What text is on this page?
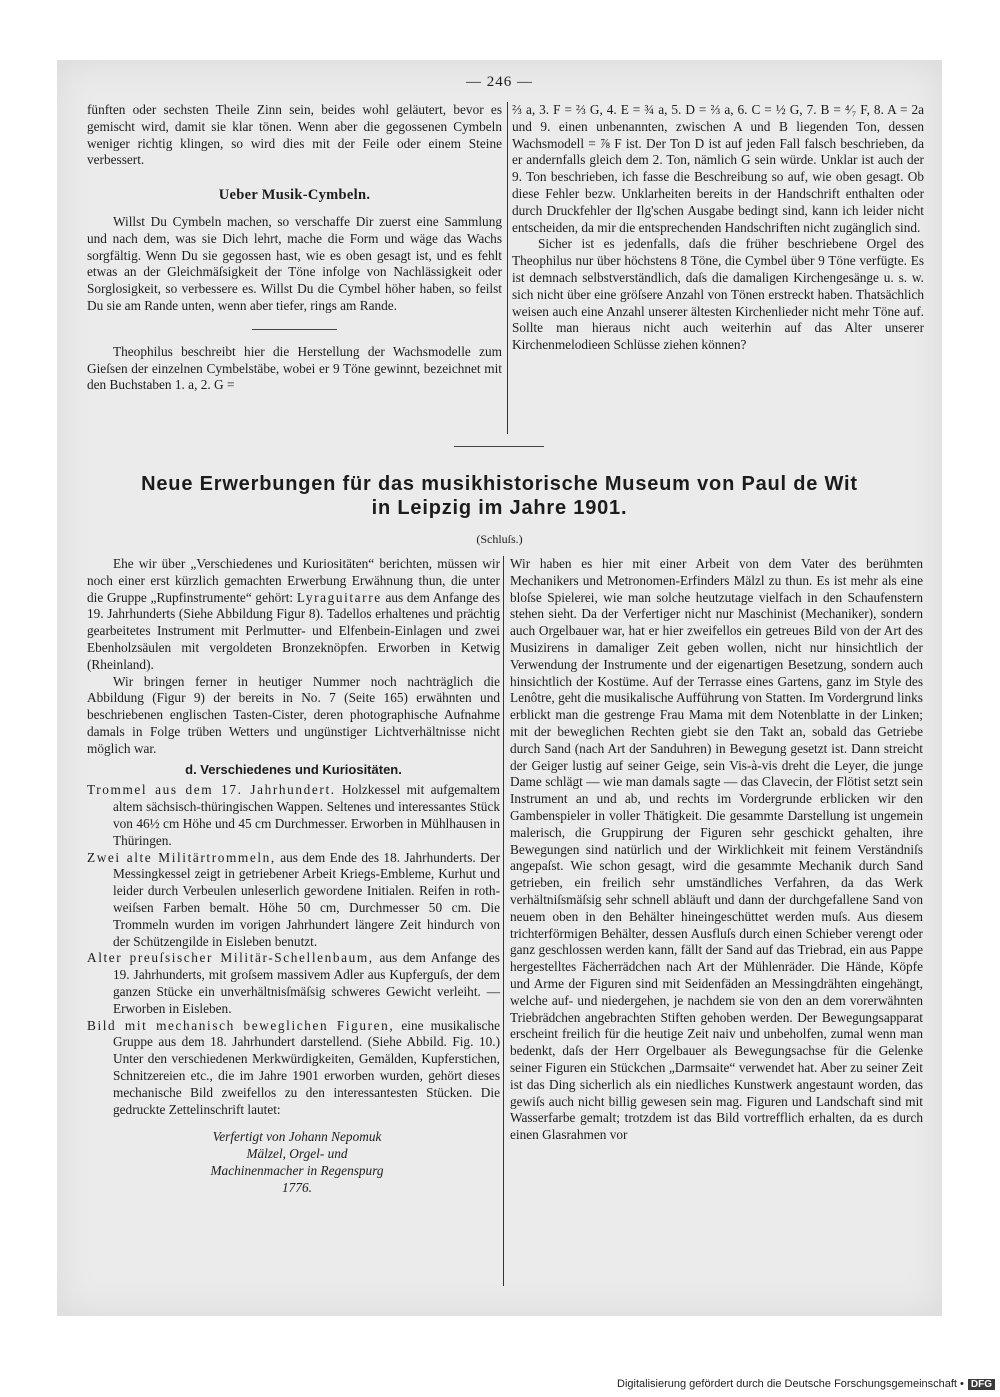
— 246 —

fünften oder sechsten Theile Zinn sein, beides wohl geläutert, bevor es gemischt wird, damit sie klar tönen. Wenn aber die gegossenen Cymbeln weniger richtig klingen, so wird dies mit der Feile oder einem Steine verbessert.

Ueber Musik-Cymbeln.

Willst Du Cymbeln machen, so verschaffe Dir zuerst eine Sammlung und nach dem, was sie Dich lehrt, mache die Form und wäge das Wachs sorgfältig. Wenn Du sie gegossen hast, wie es oben gesagt ist, und es fehlt etwas an der Gleichmäſsigkeit der Töne infolge von Nachlässigkeit oder Sorglosigkeit, so verbessere es. Willst Du die Cymbel höher haben, so feilst Du sie am Rande unten, wenn aber tiefer, rings am Rande.

Theophilus beschreibt hier die Herstellung der Wachsmodelle zum Gieſsen der einzelnen Cymbelstäbe, wobei er 9 Töne gewinnt, bezeichnet mit den Buchstaben 1. a, 2. G =

⅔ a, 3. F = ⅔ G, 4. E = ¾ a, 5. D = ⅔ a, 6. C = ½ G, 7. B = ⁴⁄₇ F, 8. A = 2a und 9. einen unbenannten, zwischen A und B liegenden Ton, dessen Wachsmodell = ⅞ F ist. Der Ton D ist auf jeden Fall falsch beschrieben, da er andernfalls gleich dem 2. Ton, nämlich G sein würde. Unklar ist auch der 9. Ton beschrieben, ich fasse die Beschreibung so auf, wie oben gesagt. Ob diese Fehler bezw. Unklarheiten bereits in der Handschrift enthalten oder durch Druckfehler der Ilg'schen Ausgabe bedingt sind, kann ich leider nicht entscheiden, da mir die entsprechenden Handschriften nicht zugänglich sind.

Sicher ist es jedenfalls, daſs die früher beschriebene Orgel des Theophilus nur über höchstens 8 Töne, die Cymbel über 9 Töne verfügte. Es ist demnach selbstverständlich, daſs die damaligen Kirchengesänge u. s. w. sich nicht über eine gröſsere Anzahl von Tönen erstreckt haben. Thatsächlich weisen auch eine Anzahl unserer ältesten Kirchenlieder nicht mehr Töne auf. Sollte man hieraus nicht auch weiterhin auf das Alter unserer Kirchenmelodieen Schlüsse ziehen können?

Neue Erwerbungen für das musikhistorische Museum von Paul de Wit
in Leipzig im Jahre 1901.
(Schluſs.)

Ehe wir über „Verschiedenes und Kuriositäten“ berichten, müssen wir noch einer erst kürzlich gemachten Erwerbung Erwähnung thun, die unter die Gruppe „Rupfinstrumente“ gehört: Lyraguitarre aus dem Anfange des 19. Jahrhunderts (Siehe Abbildung Figur 8). Tadellos erhaltenes und prächtig gearbeitetes Instrument mit Perlmutter- und Elfenbein-Einlagen und zwei Ebenholzsäulen mit vergoldeten Bronzeknöpfen. Erworben in Ketwig (Rheinland).

Wir bringen ferner in heutiger Nummer noch nachträglich die Abbildung (Figur 9) der bereits in No. 7 (Seite 165) erwähnten und beschriebenen englischen Tasten-Cister, deren photographische Aufnahme damals in Folge trüben Wetters und ungünstiger Lichtverhältnisse nicht möglich war.

d. Verschiedenes und Kuriositäten.

Trommel aus dem 17. Jahrhundert. Holzkessel mit aufgemaltem altem sächsisch-thüringischen Wappen. Seltenes und interessantes Stück von 46½ cm Höhe und 45 cm Durchmesser. Erworben in Mühlhausen in Thüringen.

Zwei alte Militärtrommeln, aus dem Ende des 18. Jahrhunderts. Der Messingkessel zeigt in getriebener Arbeit Kriegs-Embleme, Kurhut und leider durch Verbeulen unleserlich gewordene Initialen. Reifen in roth-weiſsen Farben bemalt. Höhe 50 cm, Durchmesser 50 cm. Die Trommeln wurden im vorigen Jahrhundert längere Zeit hindurch von der Schützengilde in Eisleben benutzt.

Alter preuſsischer Militär-Schellenbaum, aus dem Anfange des 19. Jahrhunderts, mit groſsem massivem Adler aus Kupferguſs, der dem ganzen Stücke ein unverhältnisſmäſsig schweres Gewicht verleiht. — Erworben in Eisleben.

Bild mit mechanisch beweglichen Figuren, eine musikalische Gruppe aus dem 18. Jahrhundert darstellend. (Siehe Abbild. Fig. 10.) Unter den verschiedenen Merkwürdigkeiten, Gemälden, Kupferstichen, Schnitzereien etc., die im Jahre 1901 erworben wurden, gehört dieses mechanische Bild zweifellos zu den interessantesten Stücken. Die gedruckte Zettelinschrift lautet:

Verfertigt von Johann Nepomuk Mälzel, Orgel- und Machinenmacher in Regenspurg 1776.

Wir haben es hier mit einer Arbeit von dem Vater des berühmten Mechanikers und Metronomen-Erfinders Mälzl zu thun. Es ist mehr als eine bloſse Spielerei, wie man solche heutzutage vielfach in den Schaufenstern stehen sieht. Da der Verfertiger nicht nur Maschinist (Mechaniker), sondern auch Orgelbauer war, hat er hier zweifellos ein getreues Bild von der Art des Musizirens in damaliger Zeit geben wollen, nicht nur hinsichtlich der Verwendung der Instrumente und der eigenartigen Besetzung, sondern auch hinsichtlich der Kostüme. Auf der Terrasse eines Gartens, ganz im Style des Lenôtre, geht die musikalische Aufführung von Statten. Im Vordergrund links erblickt man die gestrenge Frau Mama mit dem Notenblatte in der Linken; mit der beweglichen Rechten giebt sie den Takt an, sobald das Getriebe durch Sand (nach Art der Sanduhren) in Bewegung gesetzt ist. Dann streicht der Geiger lustig auf seiner Geige, sein Vis-à-vis dreht die Leyer, die junge Dame schlägt — wie man damals sagte — das Clavecin, der Flötist setzt sein Instrument an und ab, und rechts im Vordergrunde erblicken wir den Gambenspieler in voller Thätigkeit. Die gesammte Darstellung ist ungemein malerisch, die Gruppirung der Figuren sehr geschickt gehalten, ihre Bewegungen sind natürlich und der Wirklichkeit mit feinem Verständniſs angepaſst. Wie schon gesagt, wird die gesammte Mechanik durch Sand getrieben, ein freilich sehr umständliches Verfahren, da das Werk verhältniſsmäſsig sehr schnell abläuft und dann der durchgefallene Sand von neuem oben in den Behälter hineingeschüttet werden muſs. Aus diesem trichterförmigen Behälter, dessen Ausfluſs durch einen Schieber verengt oder ganz geschlossen werden kann, fällt der Sand auf das Triebrad, ein aus Pappe hergestelltes Fächerrädchen nach Art der Mühlenräder. Die Hände, Köpfe und Arme der Figuren sind mit Seidenfäden an Messingdrähten eingehängt, welche auf- und niedergehen, je nachdem sie von den an dem vorerwähnten Triebrädchen angebrachten Stiften gehoben werden. Der Bewegungsapparat erscheint freilich für die heutige Zeit naiv und unbeholfen, zumal wenn man bedenkt, daſs der Herr Orgelbauer als Bewegungsachse für die Gelenke seiner Figuren ein Stückchen „Darmsaite“ verwendet hat. Aber zu seiner Zeit ist das Ding sicherlich als ein niedliches Kunstwerk angestaunt worden, das gewiſs auch nicht billig gewesen sein mag. Figuren und Landschaft sind mit Wasserfarbe gemalt; trotzdem ist das Bild vortrefflich erhalten, da es durch einen Glasrahmen vor

Digitalisierung gefördert durch die Deutsche Forschungsgemeinschaft • DFG
